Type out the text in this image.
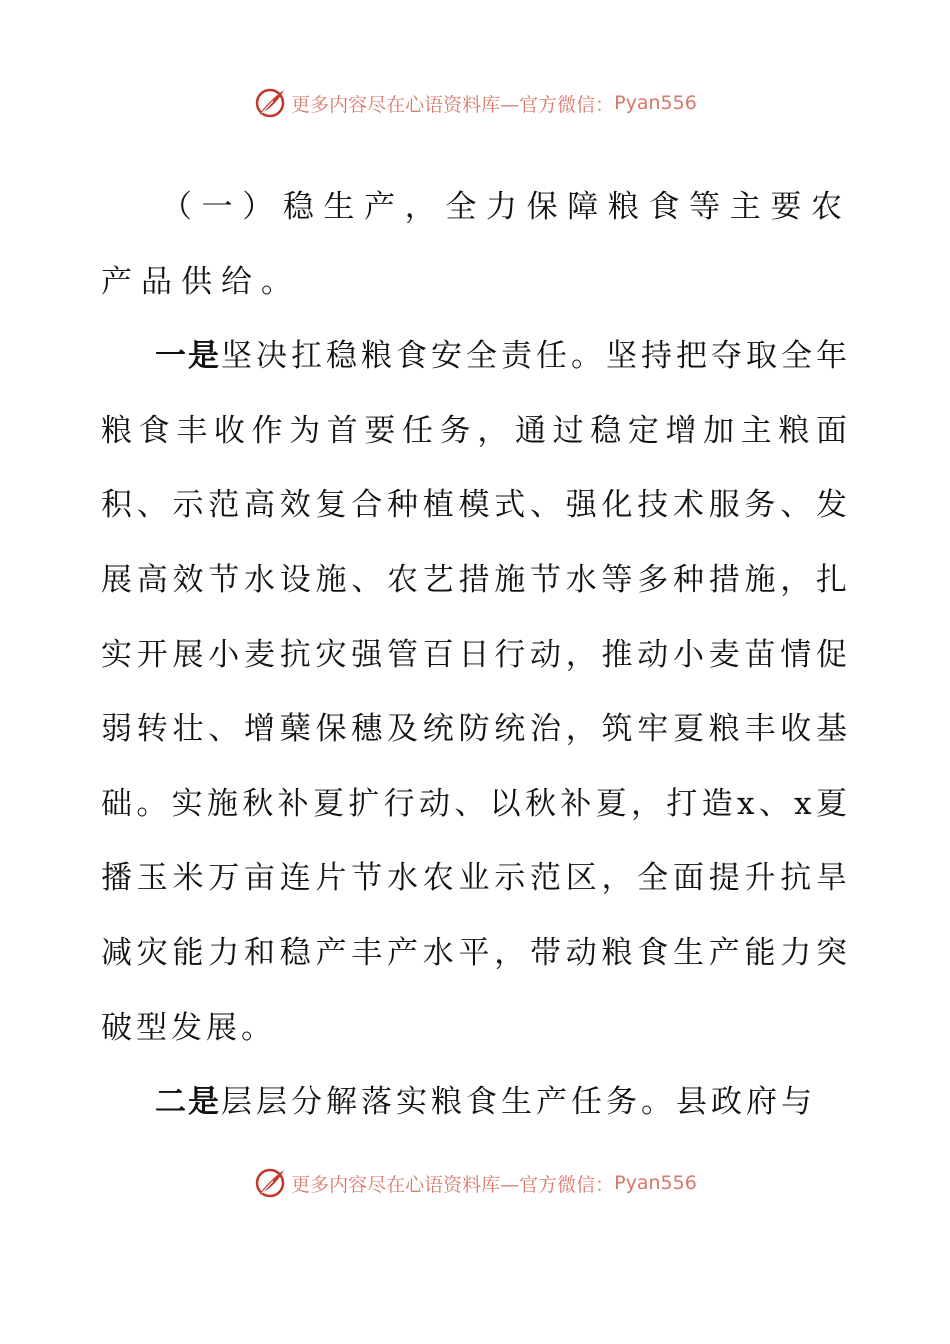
更多内容尽在心语资料库—官方微信： Pyan556

（一）稳生产，全力保障粮食等主要农产品供给。

一是坚决扛稳粮食安全责任。坚持把夺取全年粮食丰收作为首要任务，通过稳定增加主粮面积、示范高效复合种植模式、强化技术服务、发展高效节水设施、农艺措施节水等多种措施，扎实开展小麦抗灾强管百日行动，推动小麦苗情促弱转壮、增蘖保穗及统防统治，筑牢夏粮丰收基础。实施秋补夏扩行动、以秋补夏，打造x、x夏播玉米万亩连片节水农业示范区，全面提升抗旱减灾能力和稳产丰产水平，带动粮食生产能力突破型发展。

二是层层分解落实粮食生产任务。县政府与

更多内容尽在心语资料库—官方微信： Pyan556
